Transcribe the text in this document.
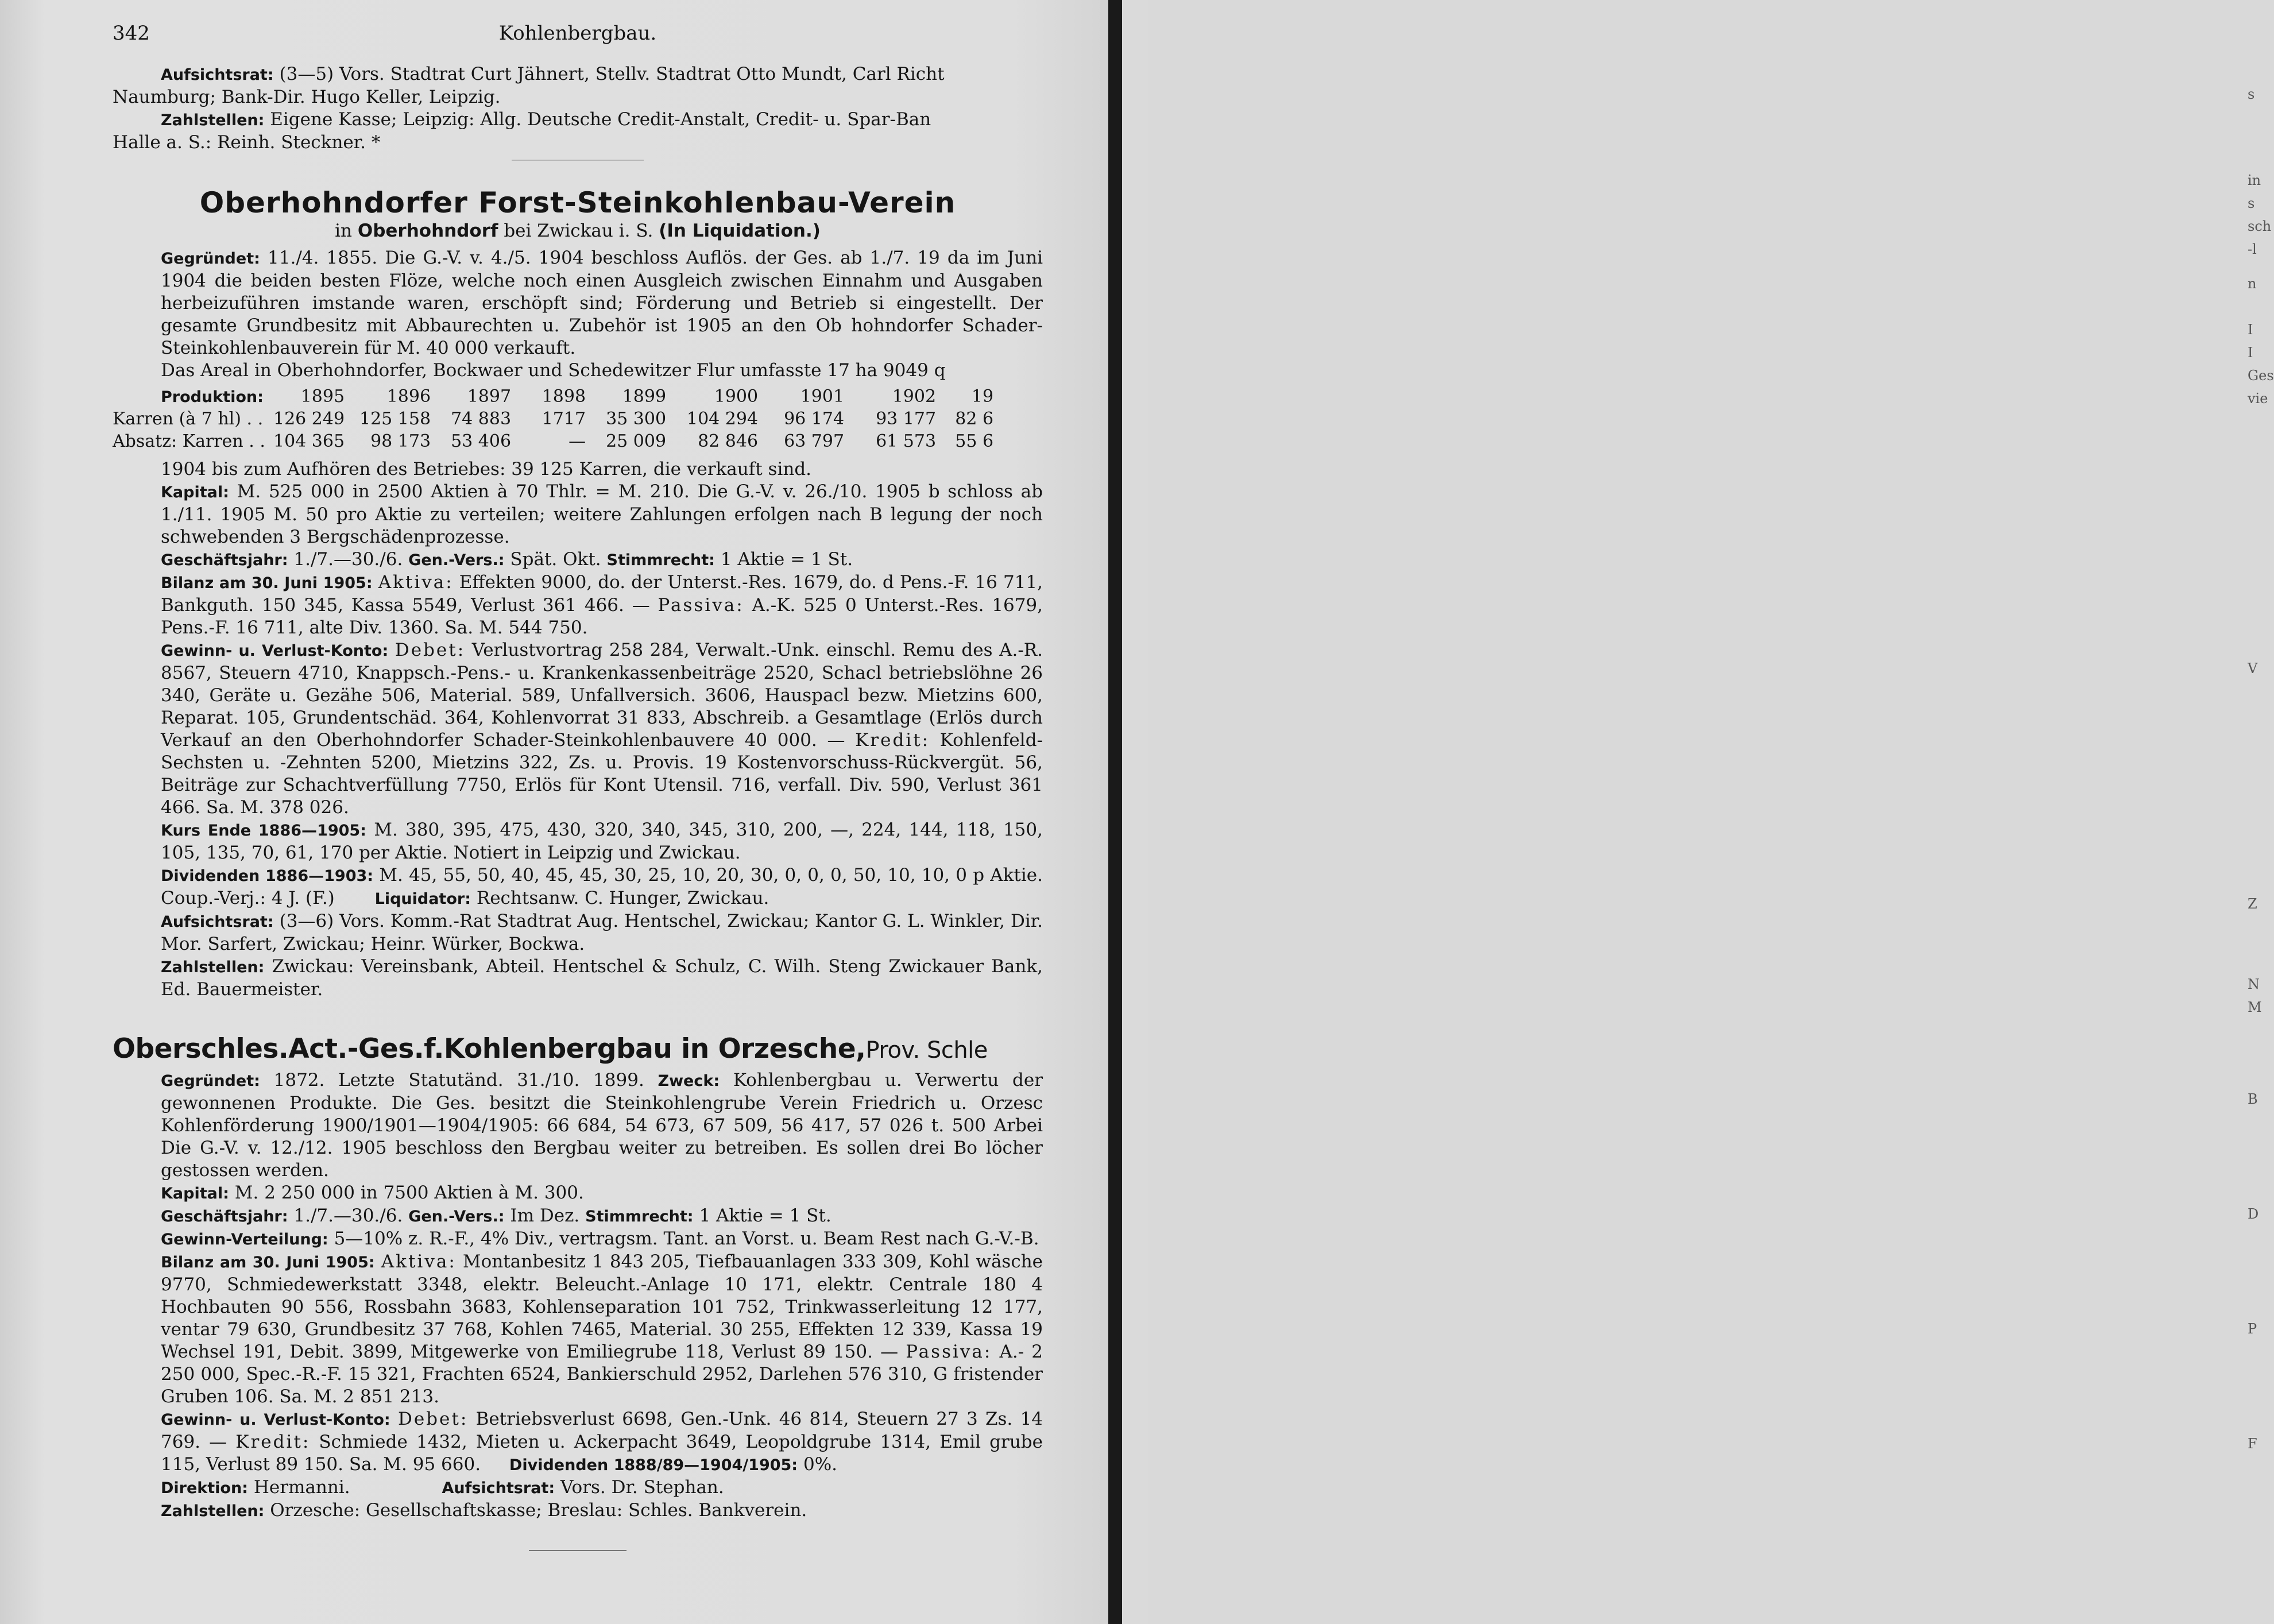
s
in
s
sch
-l
n
I
I
Ges
vie
V
Z
N
M
B
D
P
F
342	Kohlenbergbau.

Aufsichtsrat: (3—5) Vors. Stadtrat Curt Jähnert, Stellv. Stadtrat Otto Mundt, Carl Richt

Naumburg; Bank-Dir. Hugo Keller, Leipzig.

Zahlstellen: Eigene Kasse; Leipzig: Allg. Deutsche Credit-Anstalt, Credit- u. Spar-Ban

Halle a. S.: Reinh. Steckner. *

Oberhohndorfer Forst-Steinkohlenbau-Verein
in Oberhohndorf bei Zwickau i. S. (In Liquidation.)

Gegründet: 11./4. 1855. Die G.-V. v. 4./5. 1904 beschloss Auflös. der Ges. ab 1./7. 19 da im Juni 1904 die beiden besten Flöze, welche noch einen Ausgleich zwischen Einnahm und Ausgaben herbeizuführen imstande waren, erschöpft sind; Förderung und Betrieb si eingestellt. Der gesamte Grundbesitz mit Abbaurechten u. Zubehör ist 1905 an den Ob hohndorfer Schader-Steinkohlenbauverein für M. 40 000 verkauft.

Das Areal in Oberhohndorfer, Bockwaer und Schedewitzer Flur umfasste 17 ha 9049 q

Produktion:	1895	1896	1897	1898	1899	1900	1901	1902	19
Karren (à 7 hl) . .	126 249	125 158	74 883	1717	35 300	104 294	96 174	93 177	82 6
Absatz: Karren . .	104 365	98 173	53 406	—	25 009	82 846	63 797	61 573	55 6

1904 bis zum Aufhören des Betriebes: 39 125 Karren, die verkauft sind.

Kapital: M. 525 000 in 2500 Aktien à 70 Thlr. = M. 210. Die G.-V. v. 26./10. 1905 b schloss ab 1./11. 1905 M. 50 pro Aktie zu verteilen; weitere Zahlungen erfolgen nach B legung der noch schwebenden 3 Bergschädenprozesse.

Geschäftsjahr: 1./7.—30./6. Gen.-Vers.: Spät. Okt. Stimmrecht: 1 Aktie = 1 St.

Bilanz am 30. Juni 1905: Aktiva: Effekten 9000, do. der Unterst.-Res. 1679, do. d Pens.-F. 16 711, Bankguth. 150 345, Kassa 5549, Verlust 361 466. — Passiva: A.-K. 525 0 Unterst.-Res. 1679, Pens.-F. 16 711, alte Div. 1360. Sa. M. 544 750.

Gewinn- u. Verlust-Konto: Debet: Verlustvortrag 258 284, Verwalt.-Unk. einschl. Remu des A.-R. 8567, Steuern 4710, Knappsch.-Pens.- u. Krankenkassenbeiträge 2520, Schacl betriebslöhne 26 340, Geräte u. Gezähe 506, Material. 589, Unfallversich. 3606, Hauspacl bezw. Mietzins 600, Reparat. 105, Grundentschäd. 364, Kohlenvorrat 31 833, Abschreib. a Gesamtlage (Erlös durch Verkauf an den Oberhohndorfer Schader-Steinkohlenbauvere 40 000. — Kredit: Kohlenfeld-Sechsten u. -Zehnten 5200, Mietzins 322, Zs. u. Provis. 19 Kostenvorschuss-Rückvergüt. 56, Beiträge zur Schachtverfüllung 7750, Erlös für Kont Utensil. 716, verfall. Div. 590, Verlust 361 466. Sa. M. 378 026.

Kurs Ende 1886—1905: M. 380, 395, 475, 430, 320, 340, 345, 310, 200, —, 224, 144, 118, 150, 105, 135, 70, 61, 170 per Aktie. Notiert in Leipzig und Zwickau.

Dividenden 1886—1903: M. 45, 55, 50, 40, 45, 45, 30, 25, 10, 20, 30, 0, 0, 0, 50, 10, 10, 0 p Aktie. Coup.-Verj.: 4 J. (F.)	Liquidator: Rechtsanw. C. Hunger, Zwickau.

Aufsichtsrat: (3—6) Vors. Komm.-Rat Stadtrat Aug. Hentschel, Zwickau; Kantor G. L. Winkler, Dir. Mor. Sarfert, Zwickau; Heinr. Würker, Bockwa.

Zahlstellen: Zwickau: Vereinsbank, Abteil. Hentschel & Schulz, C. Wilh. Steng Zwickauer Bank, Ed. Bauermeister.

Oberschles.Act.-Ges.f.Kohlenbergbau in Orzesche,Prov. Schle

Gegründet: 1872. Letzte Statutänd. 31./10. 1899. Zweck: Kohlenbergbau u. Verwertu der gewonnenen Produkte. Die Ges. besitzt die Steinkohlengrube Verein Friedrich u. Orzesc Kohlenförderung 1900/1901—1904/1905: 66 684, 54 673, 67 509, 56 417, 57 026 t. 500 Arbei Die G.-V. v. 12./12. 1905 beschloss den Bergbau weiter zu betreiben. Es sollen drei Bo löcher gestossen werden.

Kapital: M. 2 250 000 in 7500 Aktien à M. 300.

Geschäftsjahr: 1./7.—30./6. Gen.-Vers.: Im Dez. Stimmrecht: 1 Aktie = 1 St.

Gewinn-Verteilung: 5—10% z. R.-F., 4% Div., vertragsm. Tant. an Vorst. u. Beam Rest nach G.-V.-B.

Bilanz am 30. Juni 1905: Aktiva: Montanbesitz 1 843 205, Tiefbauanlagen 333 309, Kohl wäsche 9770, Schmiedewerkstatt 3348, elektr. Beleucht.-Anlage 10 171, elektr. Centrale 180 4 Hochbauten 90 556, Rossbahn 3683, Kohlenseparation 101 752, Trinkwasserleitung 12 177, ventar 79 630, Grundbesitz 37 768, Kohlen 7465, Material. 30 255, Effekten 12 339, Kassa 19 Wechsel 191, Debit. 3899, Mitgewerke von Emiliegrube 118, Verlust 89 150. — Passiva: A.- 2 250 000, Spec.-R.-F. 15 321, Frachten 6524, Bankierschuld 2952, Darlehen 576 310, G fristender Gruben 106. Sa. M. 2 851 213.

Gewinn- u. Verlust-Konto: Debet: Betriebsverlust 6698, Gen.-Unk. 46 814, Steuern 27 3 Zs. 14 769. — Kredit: Schmiede 1432, Mieten u. Ackerpacht 3649, Leopoldgrube 1314, Emil grube 115, Verlust 89 150. Sa. M. 95 660. Dividenden 1888/89—1904/1905: 0%.

Direktion: Hermanni.	Aufsichtsrat: Vors. Dr. Stephan.

Zahlstellen: Orzesche: Gesellschaftskasse; Breslau: Schles. Bankverein.
